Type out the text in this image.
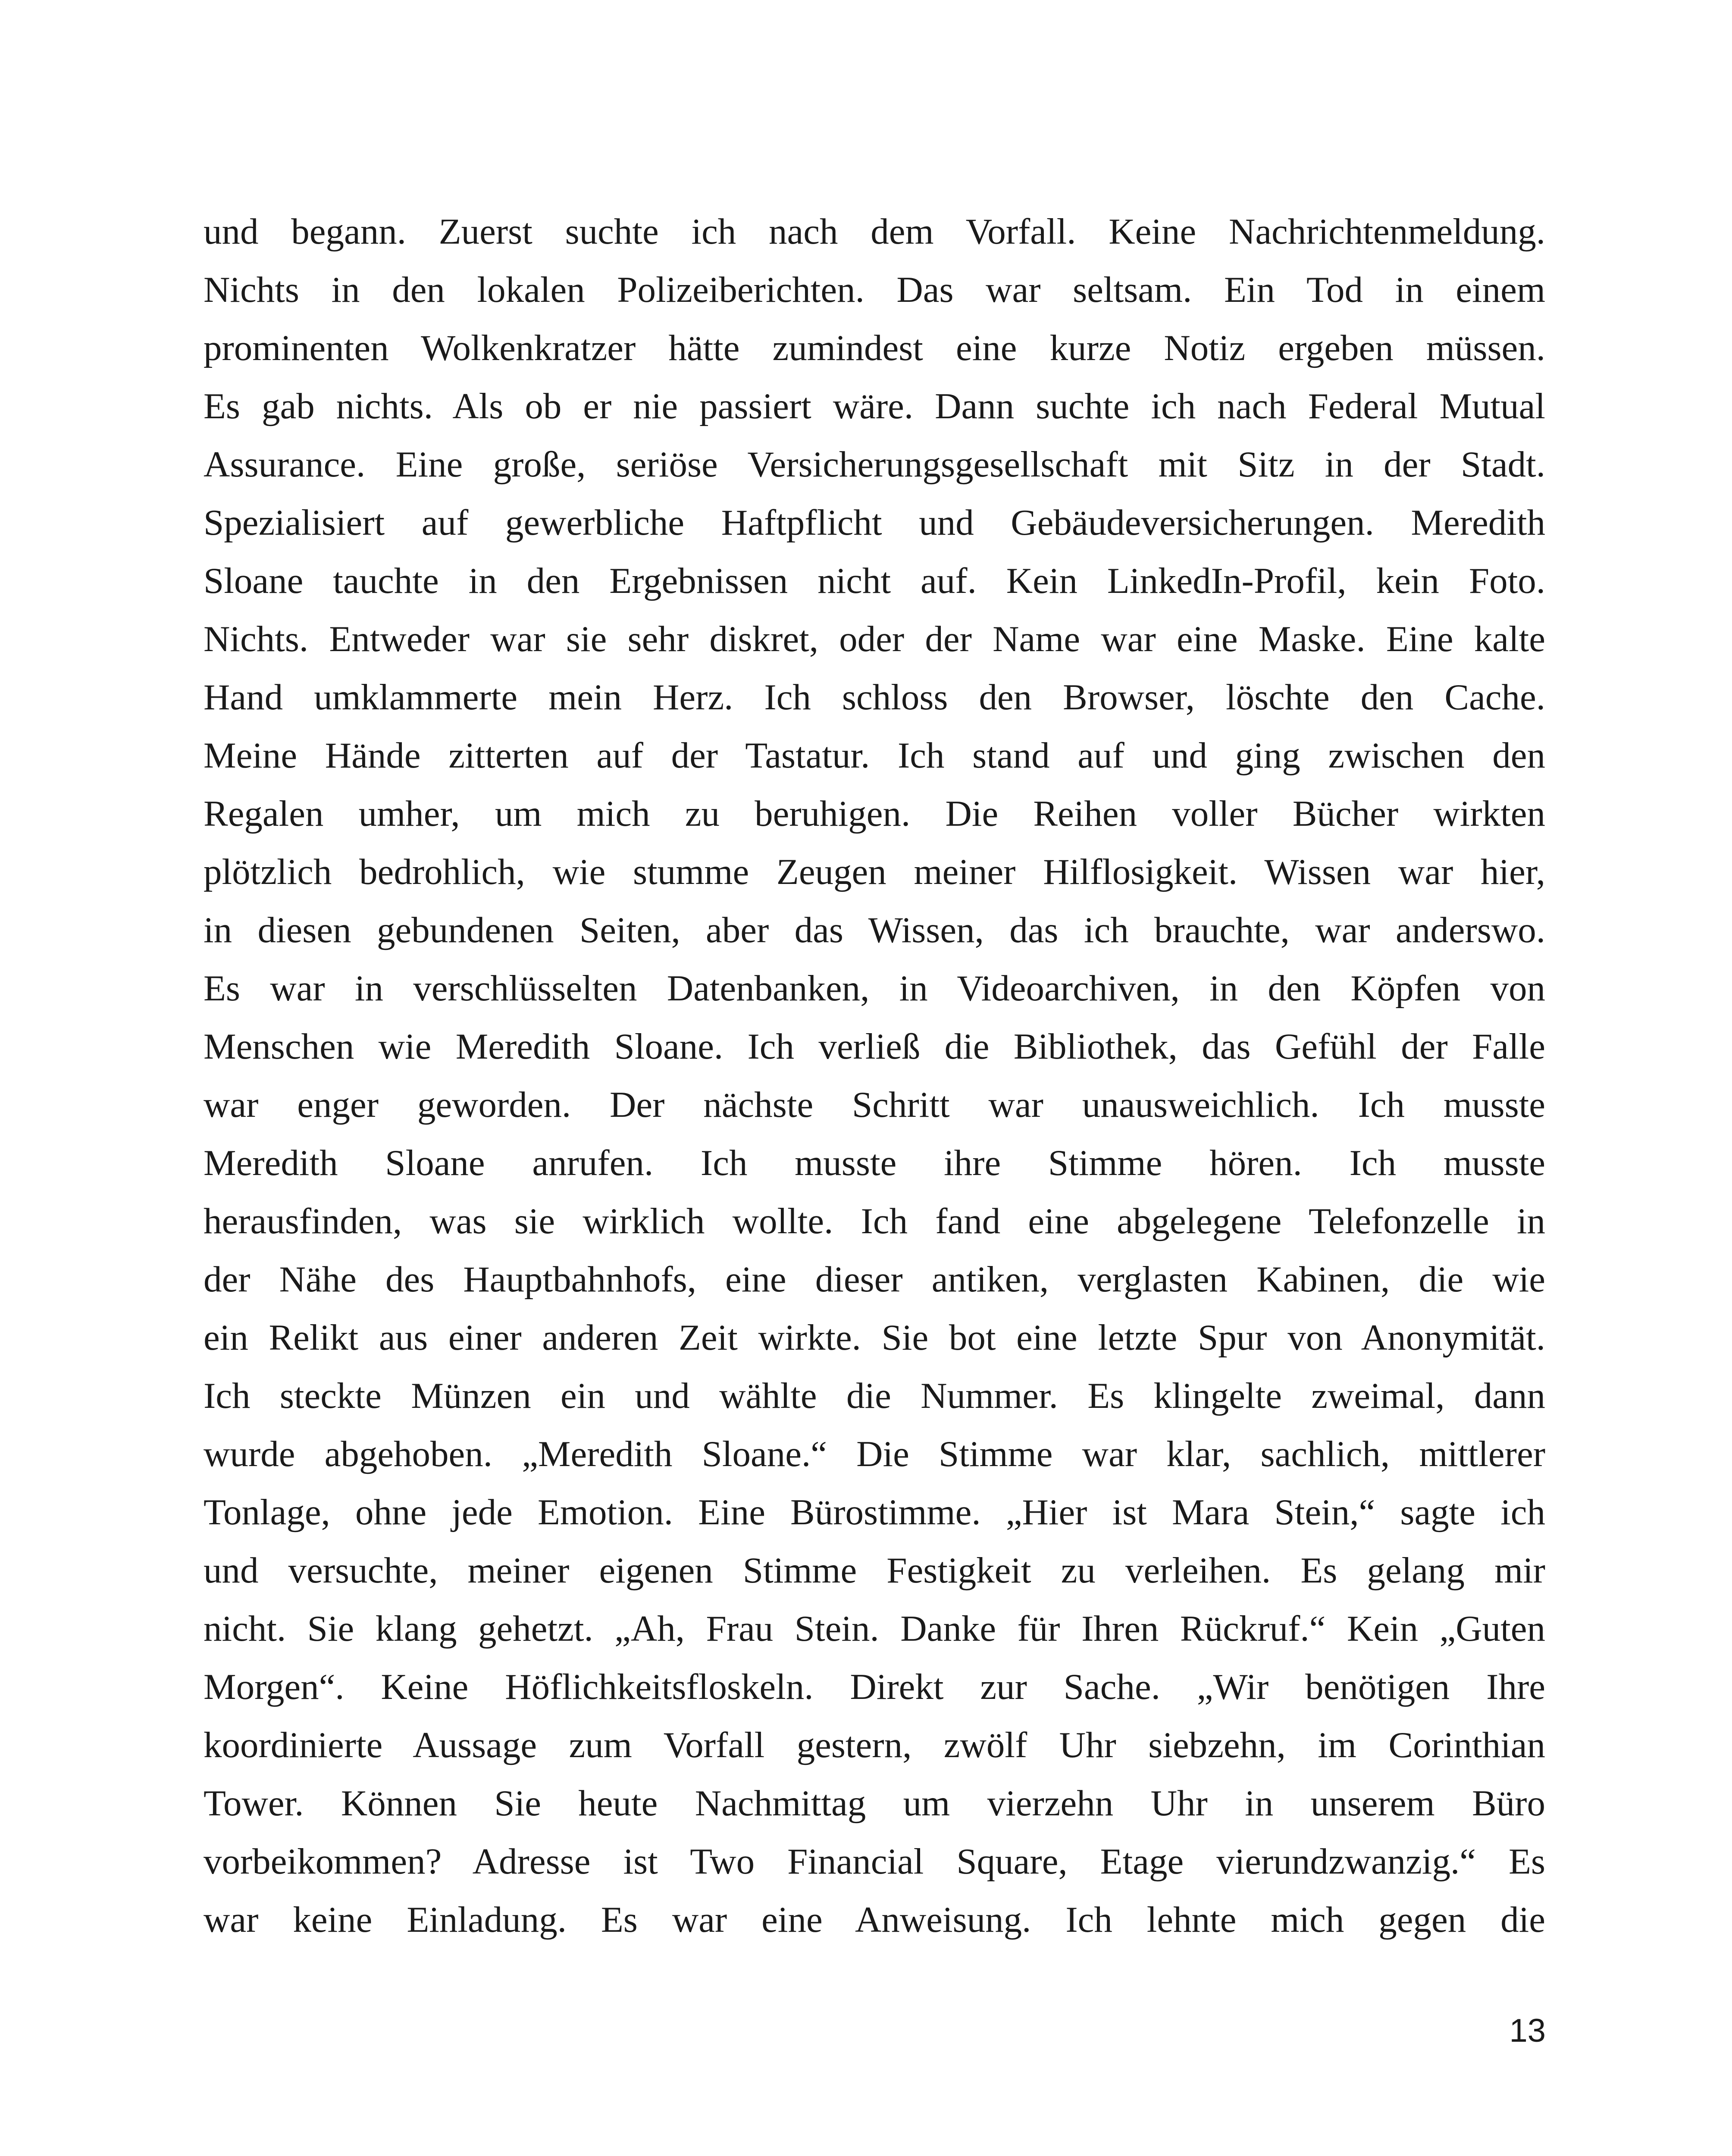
und begann. Zuerst suchte ich nach dem Vorfall. Keine Nachrichtenmeldung.
Nichts in den lokalen Polizeiberichten. Das war seltsam. Ein Tod in einem
prominenten Wolkenkratzer hätte zumindest eine kurze Notiz ergeben müssen.
Es gab nichts. Als ob er nie passiert wäre. Dann suchte ich nach Federal Mutual
Assurance. Eine große, seriöse Versicherungsgesellschaft mit Sitz in der Stadt.
Spezialisiert auf gewerbliche Haftpflicht und Gebäudeversicherungen. Meredith
Sloane tauchte in den Ergebnissen nicht auf. Kein LinkedIn-Profil, kein Foto.
Nichts. Entweder war sie sehr diskret, oder der Name war eine Maske. Eine kalte
Hand umklammerte mein Herz. Ich schloss den Browser, löschte den Cache.
Meine Hände zitterten auf der Tastatur. Ich stand auf und ging zwischen den
Regalen umher, um mich zu beruhigen. Die Reihen voller Bücher wirkten
plötzlich bedrohlich, wie stumme Zeugen meiner Hilflosigkeit. Wissen war hier,
in diesen gebundenen Seiten, aber das Wissen, das ich brauchte, war anderswo.
Es war in verschlüsselten Datenbanken, in Videoarchiven, in den Köpfen von
Menschen wie Meredith Sloane. Ich verließ die Bibliothek, das Gefühl der Falle
war enger geworden. Der nächste Schritt war unausweichlich. Ich musste
Meredith Sloane anrufen. Ich musste ihre Stimme hören. Ich musste
herausfinden, was sie wirklich wollte. Ich fand eine abgelegene Telefonzelle in
der Nähe des Hauptbahnhofs, eine dieser antiken, verglasten Kabinen, die wie
ein Relikt aus einer anderen Zeit wirkte. Sie bot eine letzte Spur von Anonymität.
Ich steckte Münzen ein und wählte die Nummer. Es klingelte zweimal, dann
wurde abgehoben. „Meredith Sloane.“ Die Stimme war klar, sachlich, mittlerer
Tonlage, ohne jede Emotion. Eine Bürostimme. „Hier ist Mara Stein,“ sagte ich
und versuchte, meiner eigenen Stimme Festigkeit zu verleihen. Es gelang mir
nicht. Sie klang gehetzt. „Ah, Frau Stein. Danke für Ihren Rückruf.“ Kein „Guten
Morgen“. Keine Höflichkeitsfloskeln. Direkt zur Sache. „Wir benötigen Ihre
koordinierte Aussage zum Vorfall gestern, zwölf Uhr siebzehn, im Corinthian
Tower. Können Sie heute Nachmittag um vierzehn Uhr in unserem Büro
vorbeikommen? Adresse ist Two Financial Square, Etage vierundzwanzig.“ Es
war keine Einladung. Es war eine Anweisung. Ich lehnte mich gegen die
13
